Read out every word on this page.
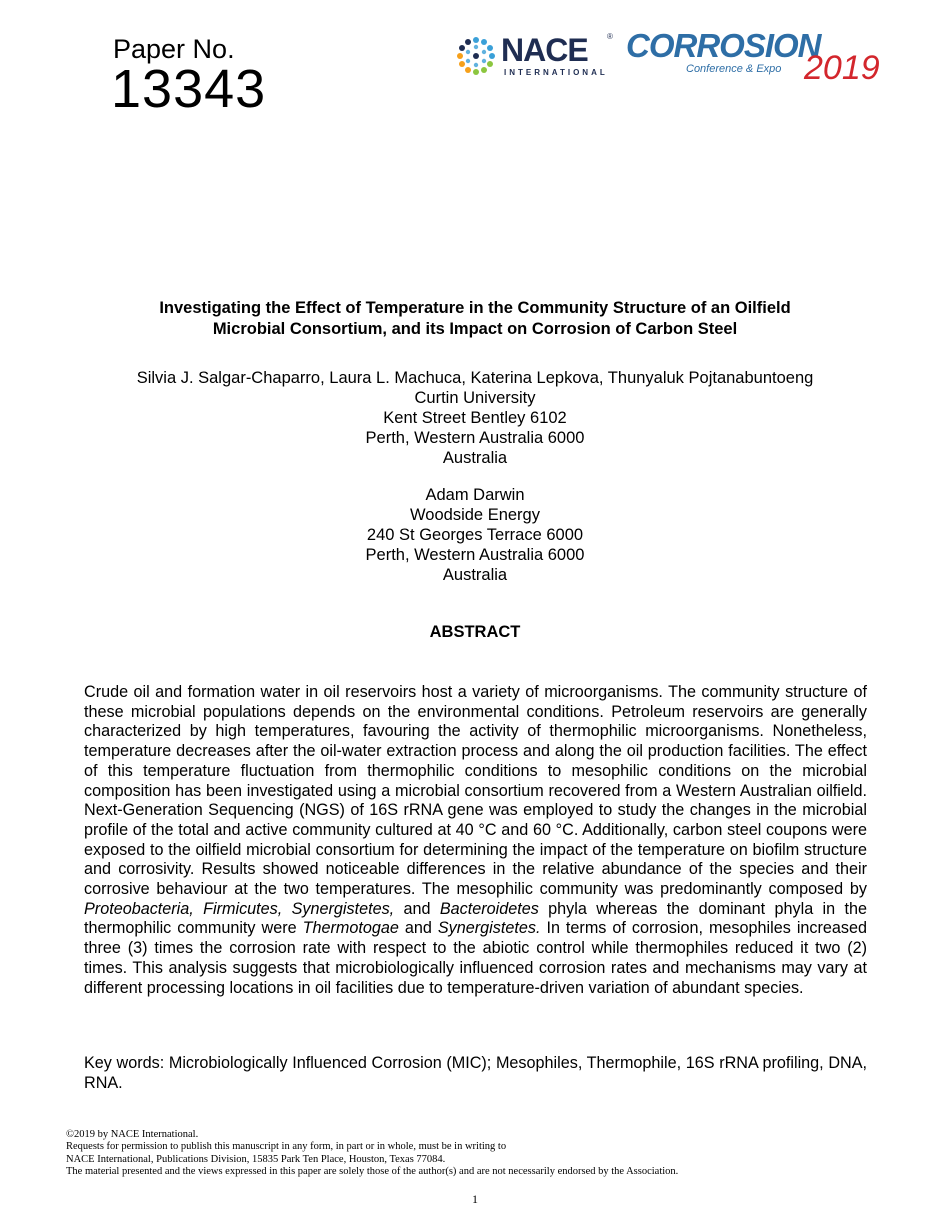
Paper No.
13343
NACE ®
INTERNATIONAL
CORROSION
Conference & Expo 2019
Investigating the Effect of Temperature in the Community Structure of an Oilfield
Microbial Consortium, and its Impact on Corrosion of Carbon Steel
Silvia J. Salgar-Chaparro, Laura L. Machuca, Katerina Lepkova, Thunyaluk Pojtanabuntoeng
Curtin University
Kent Street Bentley 6102
Perth, Western Australia 6000
Australia
Adam Darwin
Woodside Energy
240 St Georges Terrace 6000
Perth, Western Australia 6000
Australia
ABSTRACT

Crude oil and formation water in oil reservoirs host a variety of microorganisms. The community structure of these microbial populations depends on the environmental conditions. Petroleum reservoirs are generally characterized by high temperatures, favouring the activity of thermophilic microorganisms. Nonetheless, temperature decreases after the oil-water extraction process and along the oil production facilities. The effect of this temperature fluctuation from thermophilic conditions to mesophilic conditions on the microbial composition has been investigated using a microbial consortium recovered from a Western Australian oilfield. Next-Generation Sequencing (NGS) of 16S rRNA gene was employed to study the changes in the microbial profile of the total and active community cultured at 40 °C and 60 °C. Additionally, carbon steel coupons were exposed to the oilfield microbial consortium for determining the impact of the temperature on biofilm structure and corrosivity. Results showed noticeable differences in the relative abundance of the species and their corrosive behaviour at the two temperatures. The mesophilic community was predominantly composed by Proteobacteria, Firmicutes, Synergistetes, and Bacteroidetes phyla whereas the dominant phyla in the thermophilic community were Thermotogae and Synergistetes. In terms of corrosion, mesophiles increased three (3) times the corrosion rate with respect to the abiotic control while thermophiles reduced it two (2) times. This analysis suggests that microbiologically influenced corrosion rates and mechanisms may vary at different processing locations in oil facilities due to temperature-driven variation of abundant species.

Key words: Microbiologically Influenced Corrosion (MIC); Mesophiles, Thermophile, 16S rRNA profiling, DNA, RNA.

©2019 by NACE International.
Requests for permission to publish this manuscript in any form, in part or in whole, must be in writing to
NACE International, Publications Division, 15835 Park Ten Place, Houston, Texas 77084.
The material presented and the views expressed in this paper are solely those of the author(s) and are not necessarily endorsed by the Association.
1
